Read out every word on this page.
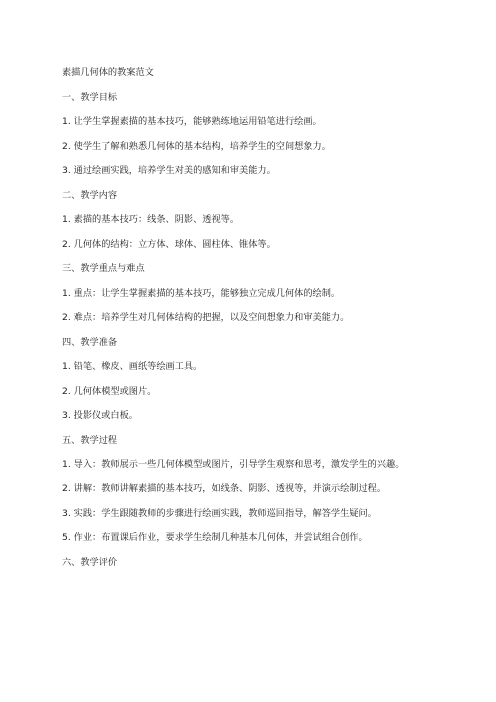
素描几何体的教案范文
一、教学目标
1. 让学生掌握素描的基本技巧，能够熟练地运用铅笔进行绘画。
2. 使学生了解和熟悉几何体的基本结构，培养学生的空间想象力。
3. 通过绘画实践，培养学生对美的感知和审美能力。
二、教学内容
1. 素描的基本技巧：线条、阴影、透视等。
2. 几何体的结构：立方体、球体、圆柱体、锥体等。
三、教学重点与难点
1. 重点：让学生掌握素描的基本技巧，能够独立完成几何体的绘制。
2. 难点：培养学生对几何体结构的把握，以及空间想象力和审美能力。
四、教学准备
1. 铅笔、橡皮、画纸等绘画工具。
2. 几何体模型或图片。
3. 投影仪或白板。
五、教学过程
1. 导入：教师展示一些几何体模型或图片，引导学生观察和思考，激发学生的兴趣。
2. 讲解：教师讲解素描的基本技巧，如线条、阴影、透视等，并演示绘制过程。
3. 实践：学生跟随教师的步骤进行绘画实践，教师巡回指导，解答学生疑问。
5. 作业：布置课后作业，要求学生绘制几种基本几何体，并尝试组合创作。
六、教学评价
